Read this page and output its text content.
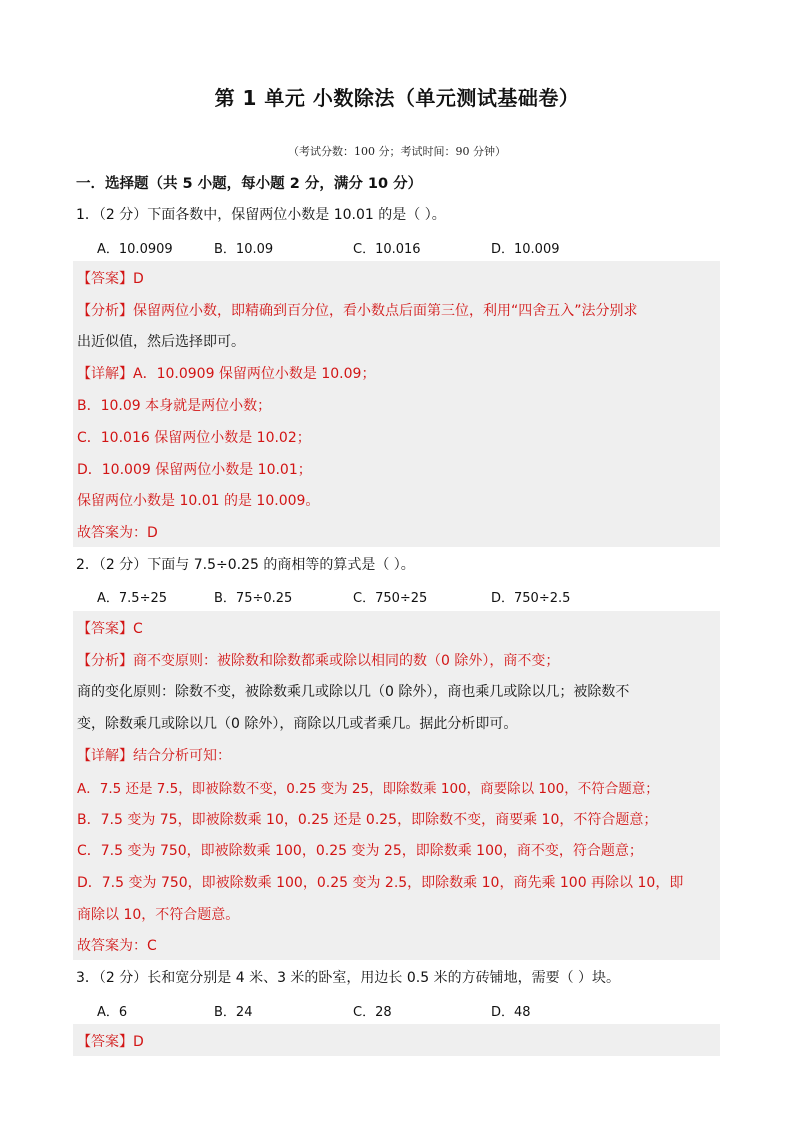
第 1 单元 小数除法（单元测试基础卷）
（考试分数：100 分；考试时间：90 分钟）
一．选择题（共 5 小题，每小题 2 分，满分 10 分）
1．（2 分）下面各数中，保留两位小数是 10.01 的是（ ）。
A．10.0909	B．10.09	C．10.016	D．10.009
【答案】D
【分析】保留两位小数，即精确到百分位，看小数点后面第三位，利用“四舍五入”法分别求
出近似值，然后选择即可。
【详解】A．10.0909 保留两位小数是 10.09；
B．10.09 本身就是两位小数；
C．10.016 保留两位小数是 10.02；
D．10.009 保留两位小数是 10.01；
保留两位小数是 10.01 的是 10.009。
故答案为：D
2．（2 分）下面与 7.5÷0.25 的商相等的算式是（ ）。
A．7.5÷25	B．75÷0.25	C．750÷25	D．750÷2.5
【答案】C
【分析】商不变原则：被除数和除数都乘或除以相同的数（0 除外），商不变；
商的变化原则：除数不变，被除数乘几或除以几（0 除外），商也乘几或除以几；被除数不
变，除数乘几或除以几（0 除外），商除以几或者乘几。据此分析即可。
【详解】结合分析可知：
A．7.5 还是 7.5，即被除数不变，0.25 变为 25，即除数乘 100，商要除以 100，不符合题意；
B．7.5 变为 75，即被除数乘 10，0.25 还是 0.25，即除数不变，商要乘 10，不符合题意；
C．7.5 变为 750，即被除数乘 100，0.25 变为 25，即除数乘 100，商不变，符合题意；
D．7.5 变为 750，即被除数乘 100，0.25 变为 2.5，即除数乘 10，商先乘 100 再除以 10，即
商除以 10，不符合题意。
故答案为：C
3．（2 分）长和宽分别是 4 米、3 米的卧室，用边长 0.5 米的方砖铺地，需要（ ）块。
A．6	B．24	C．28	D．48
【答案】D
